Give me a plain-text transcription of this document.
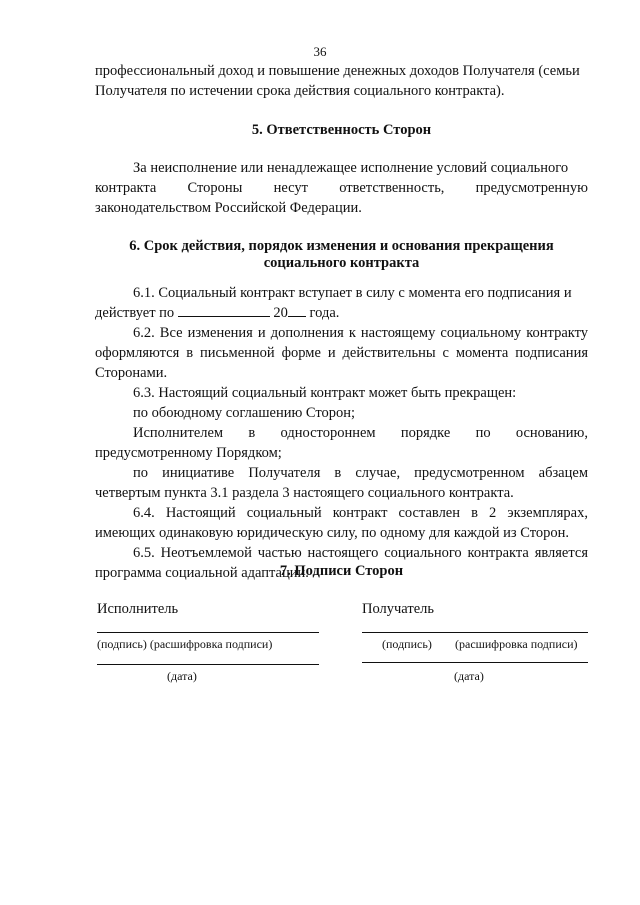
36

профессиональный доход и повышение денежных доходов Получателя (семьи

Получателя по истечении срока действия социального контракта).

5. Ответственность Сторон

За неисполнение или ненадлежащее исполнение условий социального

контракта Стороны несут ответственность, предусмотренную

законодательством Российской Федерации.

6. Срок действия, порядок изменения и основания прекращения
социального контракта

6.1. Социальный контракт вступает в силу с момента его подписания и

действует по	20 года.

6.2. Все изменения и дополнения к настоящему социальному контракту оформляются в письменной форме и действительны с момента подписания Сторонами.

6.3. Настоящий социальный контракт может быть прекращен:

по обоюдному соглашению Сторон;

Исполнителем в одностороннем порядке по основанию,

предусмотренному Порядком;

по инициативе Получателя в случае, предусмотренном абзацем четвертым пункта 3.1 раздела 3 настоящего социального контракта.

6.4. Настоящий социальный контракт составлен в 2 экземплярах, имеющих одинаковую юридическую силу, по одному для каждой из Сторон.

6.5. Неотъемлемой частью настоящего социального контракта является программа социальной адаптации.

7. Подписи Сторон
Исполнитель	Получатель
(подпись) (расшифровка подписи)	(подпись) (расшифровка подписи)
(дата)	(дата)
